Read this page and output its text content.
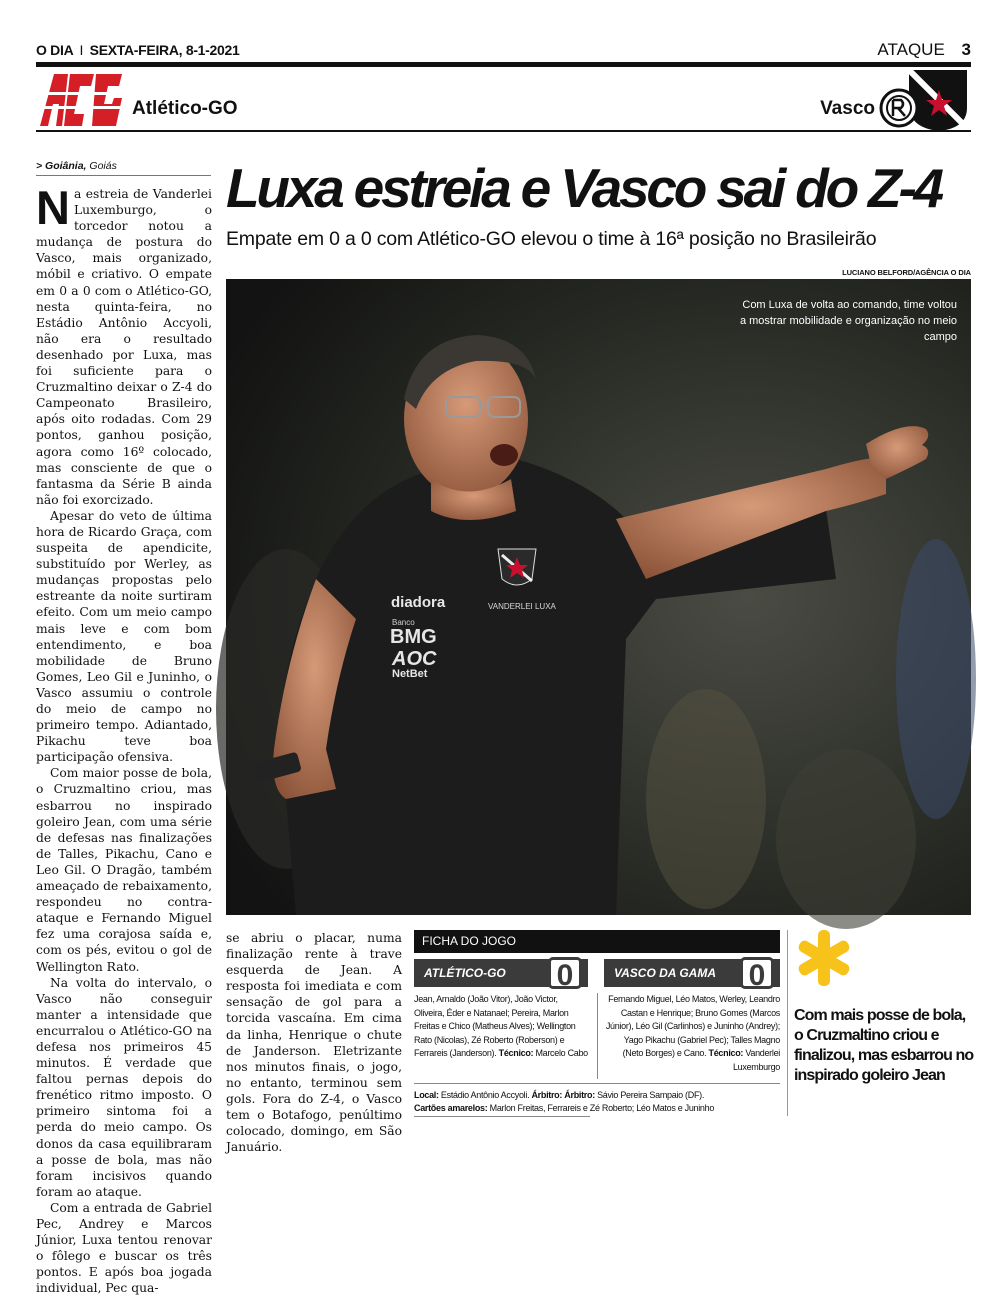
O DIA I SEXTA-FEIRA, 8-1-2021	ATAQUE 3
Atlético-GO	Vasco
> Goiânia, Goiás

Na estreia de Vanderlei Luxemburgo, o torcedor notou a mudança de postura do Vasco, mais organizado, móbil e criativo. O empate em 0 a 0 com o Atlético-GO, nesta quinta-feira, no Estádio Antônio Accyoli, não era o resultado desenhado por Luxa, mas foi suficiente para o Cruzmaltino deixar o Z-4 do Campeonato Brasileiro, após oito rodadas. Com 29 pontos, ganhou posição, agora como 16º colocado, mas consciente de que o fantasma da Série B ainda não foi exorcizado.

Apesar do veto de última hora de Ricardo Graça, com suspeita de apendicite, substituído por Werley, as mudanças propostas pelo estreante da noite surtiram efeito. Com um meio campo mais leve e com bom entendimento, e boa mobilidade de Bruno Gomes, Leo Gil e Juninho, o Vasco assumiu o controle do meio de campo no primeiro tempo. Adiantado, Pikachu teve boa participação ofensiva.

Com maior posse de bola, o Cruzmaltino criou, mas esbarrou no inspirado goleiro Jean, com uma série de defesas nas finalizações de Talles, Pikachu, Cano e Leo Gil. O Dragão, também ameaçado de rebaixamento, respondeu no contra-ataque e Fernando Miguel fez uma corajosa saída e, com os pés, evitou o gol de Wellington Rato.

Na volta do intervalo, o Vasco não conseguir manter a intensidade que encurralou o Atlético-GO na defesa nos primeiros 45 minutos. É verdade que faltou pernas depois do frenético ritmo imposto. O primeiro sintoma foi a perda do meio campo. Os donos da casa equilibraram a posse de bola, mas não foram incisivos quando foram ao ataque.

Com a entrada de Gabriel Pec, Andrey e Marcos Júnior, Luxa tentou renovar o fôlego e buscar os três pontos. E após boa jogada individual, Pec qua-

Luxa estreia e Vasco sai do Z-4
Empate em 0 a 0 com Atlético-GO elevou o time à 16ª posição no Brasileirão
LUCIANO BELFORD/AGÊNCIA O DIA
diadora	VANDERLEI LUXA
Banco
BMG
AOC
NetBet
Com Luxa de volta ao comando, time voltou a mostrar mobilidade e organização no meio campo

se abriu o placar, numa finalização rente à trave esquerda de Jean. A resposta foi imediata e com sensação de gol para a torcida vascaína. Em cima da linha, Henrique o chute de Janderson. Eletrizante nos minutos finais, o jogo, no entanto, terminou sem gols. Fora do Z-4, o Vasco tem o Botafogo, penúltimo colocado, domingo, em São Januário.

FICHA DO JOGO
ATLÉTICO-GO 0	VASCO DA GAMA 0
Jean, Arnaldo (João Vitor), João Victor, Oliveira, Éder e Natanael; Pereira, Marlon Freitas e Chico (Matheus Alves); Wellington Rato (Nicolas), Zé Roberto (Roberson) e Ferrareis (Janderson). Técnico: Marcelo Cabo
Fernando Miguel, Léo Matos, Werley, Leandro Castan e Henrique; Bruno Gomes (Marcos Júnior), Léo Gil (Carlinhos) e Juninho (Andrey); Yago Pikachu (Gabriel Pec); Talles Magno (Neto Borges) e Cano. Técnico: Vanderlei Luxemburgo
Local: Estádio Antônio Accyoli. Árbitro: Árbitro: Sávio Pereira Sampaio (DF).
Cartões amarelos: Marlon Freitas, Ferrareis e Zé Roberto; Léo Matos e Juninho
Com mais posse de bola, o Cruzmaltino criou e finalizou, mas esbarrou no inspirado goleiro Jean
